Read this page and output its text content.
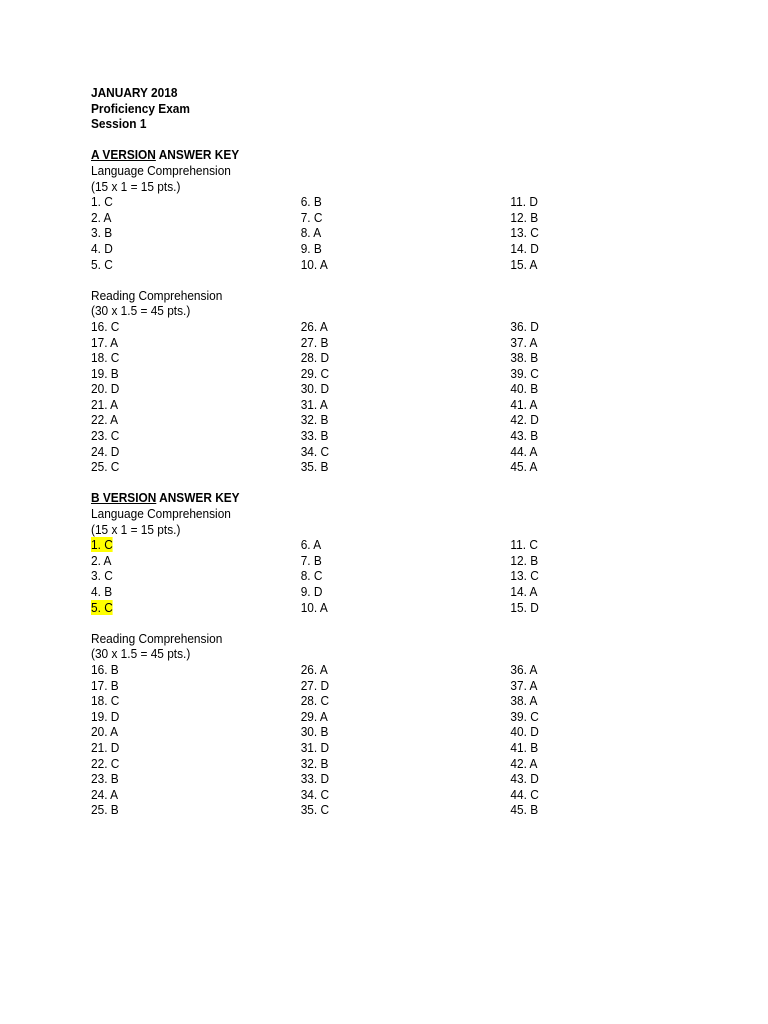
JANUARY 2018
Proficiency Exam
Session 1
A VERSION ANSWER KEY
Language Comprehension
(15 x 1 = 15 pts.)
1. C	6. B	11. D
2. A	7. C	12. B
3. B	8. A	13. C
4. D	9. B	14. D
5. C	10. A	15. A
Reading Comprehension
(30 x 1.5 = 45 pts.)
16. C	26. A	36. D
17. A	27. B	37. A
18. C	28. D	38. B
19. B	29. C	39. C
20. D	30. D	40. B
21. A	31. A	41. A
22. A	32. B	42. D
23. C	33. B	43. B
24. D	34. C	44. A
25. C	35. B	45. A
B VERSION ANSWER KEY
Language Comprehension
(15 x 1 = 15 pts.)
1. C	6. A	11. C
2. A	7. B	12. B
3. C	8. C	13. C
4. B	9. D	14. A
5. C	10. A	15. D
Reading Comprehension
(30 x 1.5 = 45 pts.)
16. B	26. A	36. A
17. B	27. D	37. A
18. C	28. C	38. A
19. D	29. A	39. C
20. A	30. B	40. D
21. D	31. D	41. B
22. C	32. B	42. A
23. B	33. D	43. D
24. A	34. C	44. C
25. B	35. C	45. B
